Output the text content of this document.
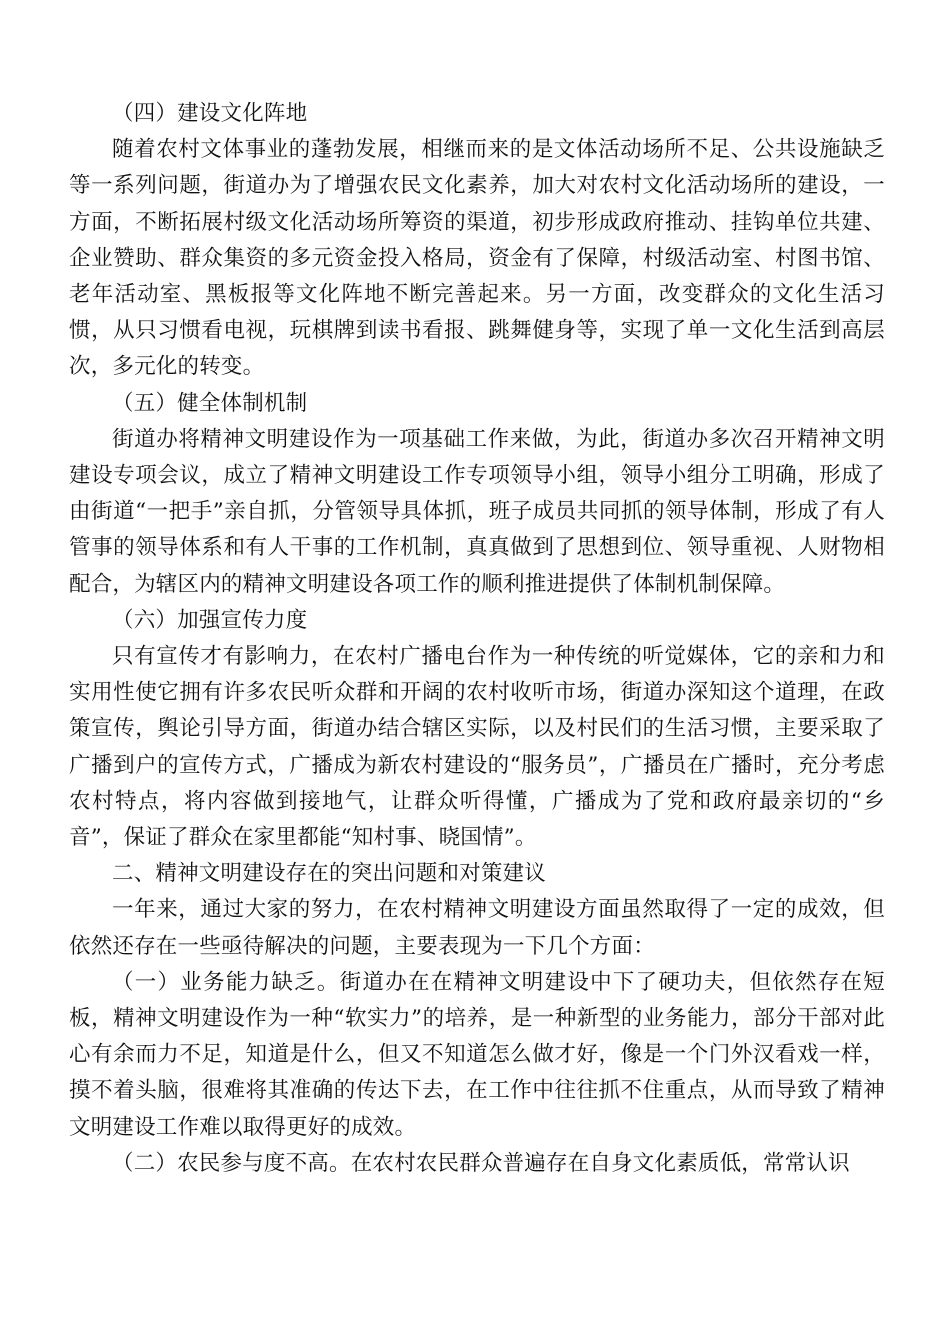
（四）建设文化阵地

随着农村文体事业的蓬勃发展，相继而来的是文体活动场所不足、公共设施缺乏等一系列问题，街道办为了增强农民文化素养，加大对农村文化活动场所的建设，一方面，不断拓展村级文化活动场所筹资的渠道，初步形成政府推动、挂钩单位共建、企业赞助、群众集资的多元资金投入格局，资金有了保障，村级活动室、村图书馆、老年活动室、黑板报等文化阵地不断完善起来。另一方面，改变群众的文化生活习惯，从只习惯看电视，玩棋牌到读书看报、跳舞健身等，实现了单一文化生活到高层次，多元化的转变。

（五）健全体制机制

街道办将精神文明建设作为一项基础工作来做，为此，街道办多次召开精神文明建设专项会议，成立了精神文明建设工作专项领导小组，领导小组分工明确，形成了由街道“一把手”亲自抓，分管领导具体抓，班子成员共同抓的领导体制，形成了有人管事的领导体系和有人干事的工作机制，真真做到了思想到位、领导重视、人财物相配合，为辖区内的精神文明建设各项工作的顺利推进提供了体制机制保障。

（六）加强宣传力度

只有宣传才有影响力，在农村广播电台作为一种传统的听觉媒体，它的亲和力和实用性使它拥有许多农民听众群和开阔的农村收听市场，街道办深知这个道理，在政策宣传，舆论引导方面，街道办结合辖区实际，以及村民们的生活习惯，主要采取了广播到户的宣传方式，广播成为新农村建设的“服务员”，广播员在广播时，充分考虑农村特点，将内容做到接地气，让群众听得懂，广播成为了党和政府最亲切的“乡音”，保证了群众在家里都能“知村事、晓国情”。

二、精神文明建设存在的突出问题和对策建议

一年来，通过大家的努力，在农村精神文明建设方面虽然取得了一定的成效，但依然还存在一些亟待解决的问题，主要表现为一下几个方面：

（一）业务能力缺乏。街道办在在精神文明建设中下了硬功夫，但依然存在短板，精神文明建设作为一种“软实力”的培养，是一种新型的业务能力，部分干部对此心有余而力不足，知道是什么，但又不知道怎么做才好，像是一个门外汉看戏一样，摸不着头脑，很难将其准确的传达下去，在工作中往往抓不住重点，从而导致了精神文明建设工作难以取得更好的成效。

（二）农民参与度不高。在农村农民群众普遍存在自身文化素质低，常常认识
